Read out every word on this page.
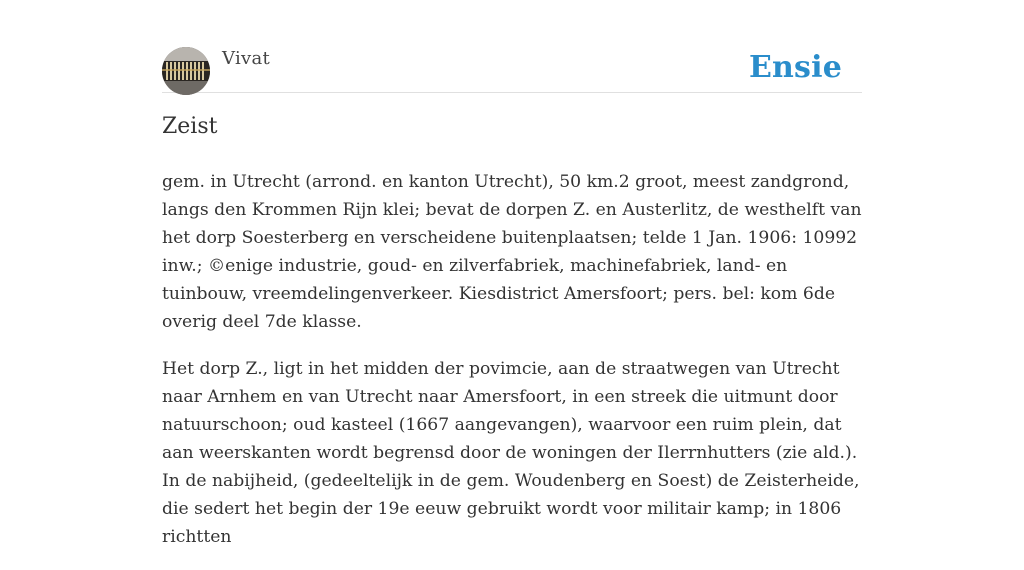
Vivat	Ensie
Zeist

gem. in Utrecht (arrond. en kanton Utrecht), 50 km.2 groot, meest zandgrond, langs den Krommen Rijn klei; bevat de dorpen Z. en Austerlitz, de westhelft van het dorp Soesterberg en verscheidene buitenplaatsen; telde 1 Jan. 1906: 10992 inw.; ©enige industrie, goud- en zilverfabriek, machinefabriek, land- en tuinbouw, vreemdelingenverkeer. Kiesdistrict Amersfoort; pers. bel: kom 6de overig deel 7de klasse.

Het dorp Z., ligt in het midden der povimcie, aan de straatwegen van Utrecht naar Arnhem en van Utrecht naar Amersfoort, in een streek die uitmunt door natuurschoon; oud kasteel (1667 aangevangen), waarvoor een ruim plein, dat aan weerskanten wordt begrensd door de woningen der Ilerrnhutters (zie ald.). In de nabijheid, (gedeeltelijk in de gem. Woudenberg en Soest) de Zeisterheide, die sedert het begin der 19e eeuw gebruikt wordt voor militair kamp; in 1806 richtten
